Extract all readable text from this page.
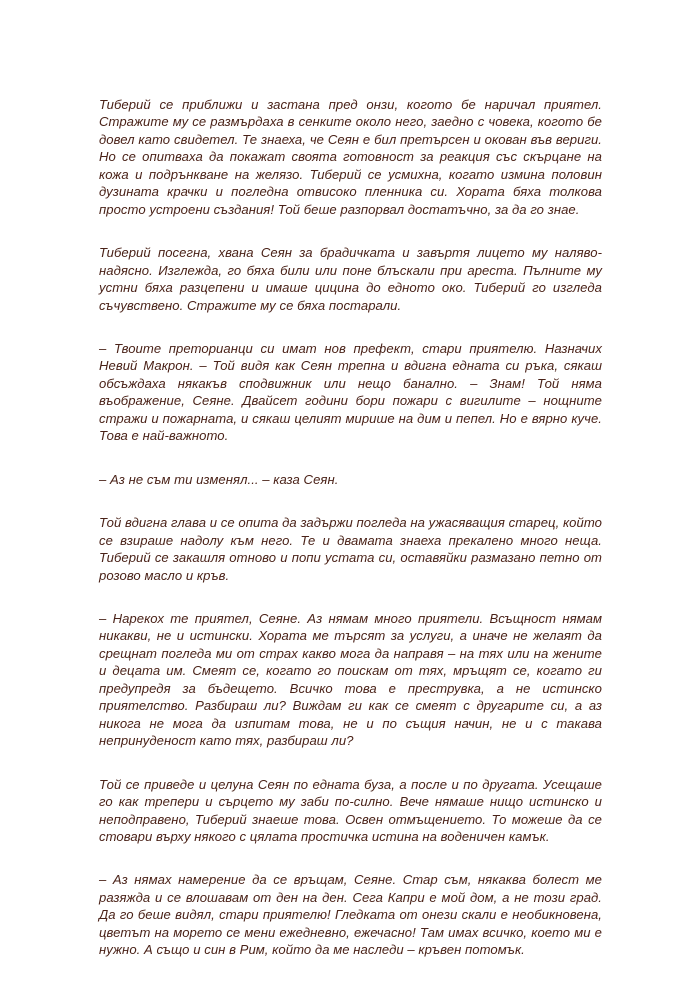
Тиберий се приближи и застана пред онзи, когото бе наричал приятел. Стражите му се размърдаха в сенките около него, заедно с човека, когото бе довел като свидетел. Те знаеха, че Сеян е бил претърсен и окован във вериги. Но се опитваха да покажат своята готовност за реакция със скърцане на кожа и подрънкване на желязо. Тиберий се усмихна, когато измина половин дузината крачки и погледна отвисоко пленника си. Хората бяха толкова просто устроени създания! Той беше разпорвал достатъчно, за да го знае.

Тиберий посегна, хвана Сеян за брадичката и завъртя лицето му наляво-надясно. Изглежда, го бяха били или поне блъскали при ареста. Пълните му устни бяха разцепени и имаше цицина до едното око. Тиберий го изгледа съчувствено. Стражите му се бяха постарали.

– Твоите преторианци си имат нов префект, стари приятелю. Назначих Невий Макрон. – Той видя как Сеян трепна и вдигна едната си ръка, сякаш обсъждаха някакъв сподвижник или нещо банално. – Знам! Той няма въображение, Сеяне. Двайсет години бори пожари с вигилите – нощните стражи и пожарната, и сякаш целият мирише на дим и пепел. Но е вярно куче. Това е най-важното.

– Аз не съм ти изменял... – каза Сеян.

Той вдигна глава и се опита да задържи погледа на ужасяващия старец, който се взираше надолу към него. Те и двамата знаеха прекалено много неща. Тиберий се закашля отново и попи устата си, оставяйки размазано петно от розово масло и кръв.

– Нарекох те приятел, Сеяне. Аз нямам много приятели. Всъщност нямам никакви, не и истински. Хората ме търсят за услуги, а иначе не желаят да срещнат погледа ми от страх какво мога да направя – на тях или на жените и децата им. Смеят се, когато го поискам от тях, мръщят се, когато ги предупредя за бъдещето. Всичко това е преструвка, а не истинско приятелство. Разбираш ли? Виждам ги как се смеят с другарите си, а аз никога не мога да изпитам това, не и по същия начин, не и с такава непринуденост като тях, разбираш ли?

Той се приведе и целуна Сеян по едната буза, а после и по другата. Усещаше го как трепери и сърцето му заби по-силно. Вече нямаше нищо истинско и неподправено, Тиберий знаеше това. Освен отмъщението. То можеше да се стовари върху някого с цялата простичка истина на воденичен камък.

– Аз нямах намерение да се връщам, Сеяне. Стар съм, някаква болест ме разяжда и се влошавам от ден на ден. Сега Капри е мой дом, а не този град. Да го беше видял, стари приятелю! Гледката от онези скали е необикновена, цветът на морето се мени ежедневно, ежечасно! Там имах всичко, което ми е нужно. А също и син в Рим, който да ме наследи – кръвен потомък.
